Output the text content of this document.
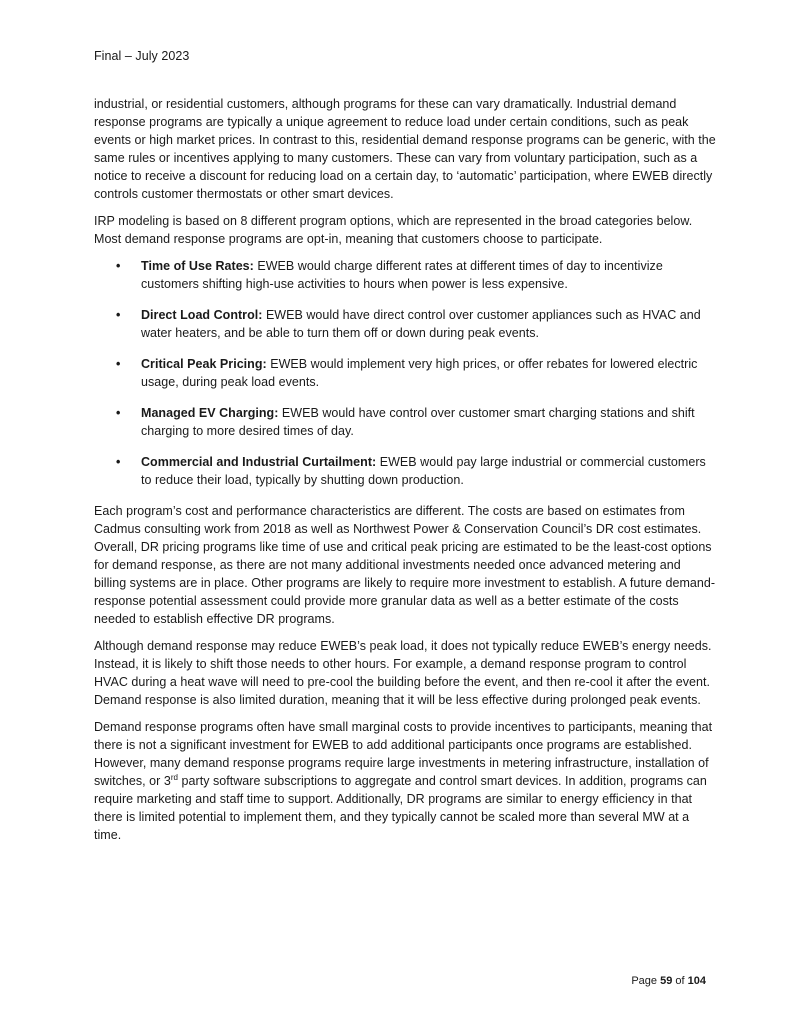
Final – July 2023

industrial, or residential customers, although programs for these can vary dramatically. Industrial demand response programs are typically a unique agreement to reduce load under certain conditions, such as peak events or high market prices. In contrast to this, residential demand response programs can be generic, with the same rules or incentives applying to many customers. These can vary from voluntary participation, such as a notice to receive a discount for reducing load on a certain day, to ‘automatic’ participation, where EWEB directly controls customer thermostats or other smart devices.

IRP modeling is based on 8 different program options, which are represented in the broad categories below. Most demand response programs are opt-in, meaning that customers choose to participate.

• Time of Use Rates: EWEB would charge different rates at different times of day to incentivize customers shifting high-use activities to hours when power is less expensive.
• Direct Load Control: EWEB would have direct control over customer appliances such as HVAC and water heaters, and be able to turn them off or down during peak events.
• Critical Peak Pricing: EWEB would implement very high prices, or offer rebates for lowered electric usage, during peak load events.
• Managed EV Charging: EWEB would have control over customer smart charging stations and shift charging to more desired times of day.
• Commercial and Industrial Curtailment: EWEB would pay large industrial or commercial customers to reduce their load, typically by shutting down production.

Each program’s cost and performance characteristics are different. The costs are based on estimates from Cadmus consulting work from 2018 as well as Northwest Power & Conservation Council’s DR cost estimates. Overall, DR pricing programs like time of use and critical peak pricing are estimated to be the least-cost options for demand response, as there are not many additional investments needed once advanced metering and billing systems are in place. Other programs are likely to require more investment to establish. A future demand-response potential assessment could provide more granular data as well as a better estimate of the costs needed to establish effective DR programs.

Although demand response may reduce EWEB’s peak load, it does not typically reduce EWEB’s energy needs. Instead, it is likely to shift those needs to other hours. For example, a demand response program to control HVAC during a heat wave will need to pre-cool the building before the event, and then re-cool it after the event. Demand response is also limited duration, meaning that it will be less effective during prolonged peak events.

Demand response programs often have small marginal costs to provide incentives to participants, meaning that there is not a significant investment for EWEB to add additional participants once programs are established. However, many demand response programs require large investments in metering infrastructure, installation of switches, or 3rd party software subscriptions to aggregate and control smart devices. In addition, programs can require marketing and staff time to support. Additionally, DR programs are similar to energy efficiency in that there is limited potential to implement them, and they typically cannot be scaled more than several MW at a time.

Page 59 of 104
